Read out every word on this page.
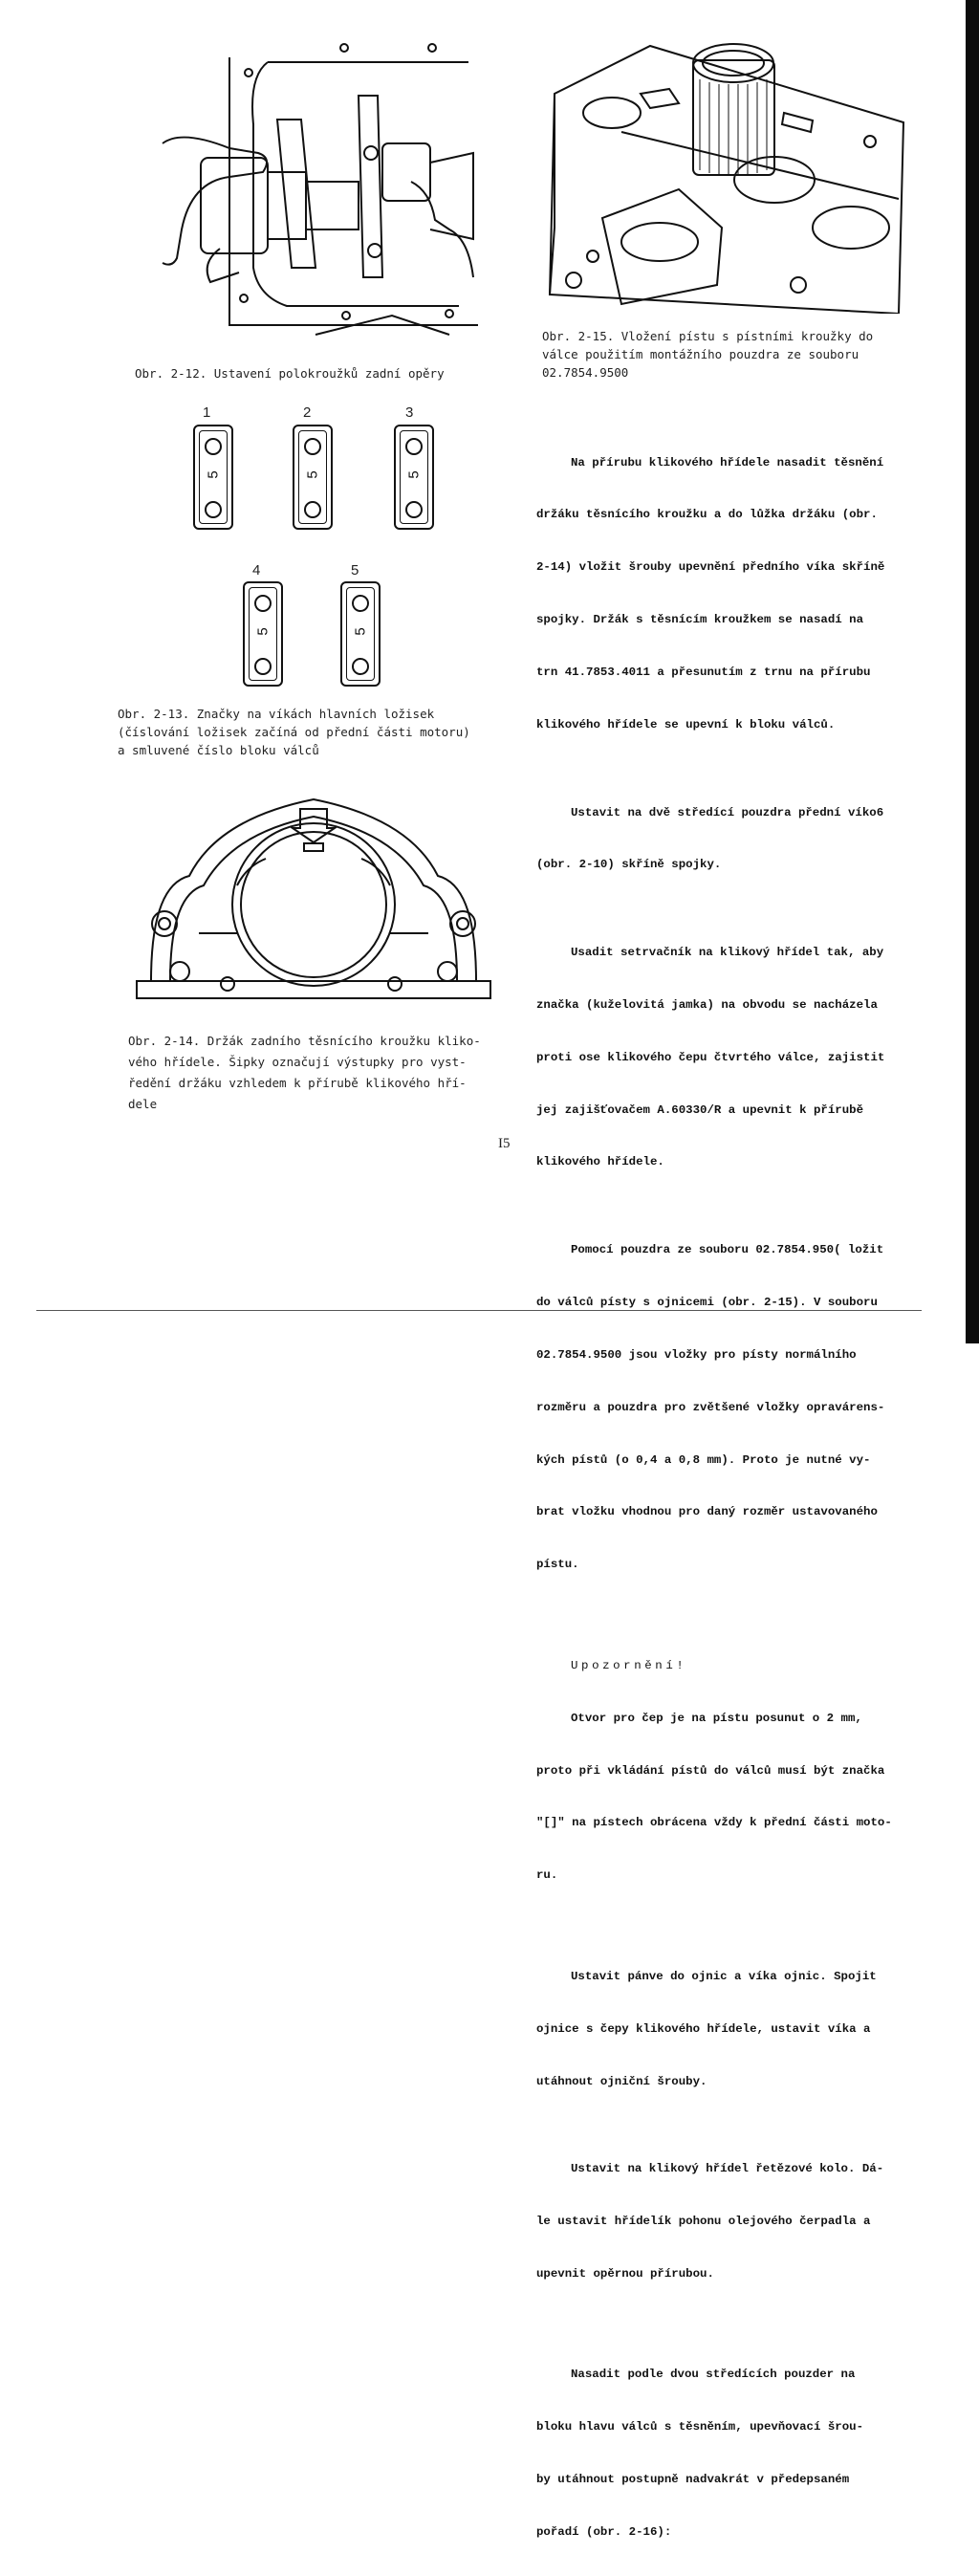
Obr. 2-12. Ustavení polokroužků zadní opěry
Obr. 2-15. Vložení pístu s pístními kroužky do
válce použitím montážního pouzdra ze souboru
02.7854.9500
1	2	3
4	5
5	5	5
5	5
Obr. 2-13. Značky na víkách hlavních ložisek
(číslování ložisek začíná od přední části motoru)
a smluvené číslo bloku válců
Obr. 2-14. Držák zadního těsnícího kroužku kliko-
vého hřídele. Šipky označují výstupky pro vyst-
ředění držáku vzhledem k přírubě klikového hří-
dele

Na přírubu klikového hřídele nasadit těsnění

držáku těsnícího kroužku a do lůžka držáku (obr.

2-14) vložit šrouby upevnění předního víka skříně

spojky. Držák s těsnícím kroužkem se nasadí na

trn 41.7853.4011 a přesunutím z trnu na přírubu

klikového hřídele se upevní k bloku válců.

Ustavit na dvě středící pouzdra přední víko6

(obr. 2-10) skříně spojky.

Usadit setrvačník na klikový hřídel tak, aby

značka (kuželovitá jamka) na obvodu se nacházela

proti ose klikového čepu čtvrtého válce, zajistit

jej zajišťovačem A.60330/R a upevnit k přírubě

klikového hřídele.

Pomocí pouzdra ze souboru 02.7854.950( ložit

do válců písty s ojnicemi (obr. 2-15). V souboru

02.7854.9500 jsou vložky pro písty normálního

rozměru a pouzdra pro zvětšené vložky opravárens-

kých pístů (o 0,4 a 0,8 mm). Proto je nutné vy-

brat vložku vhodnou pro daný rozměr ustavovaného

pístu.

Upozornění!

Otvor pro čep je na pístu posunut o 2 mm,

proto při vkládání pístů do válců musí být značka

"[]" na pístech obrácena vždy k přední části moto-

ru.

Ustavit pánve do ojnic a víka ojnic. Spojit

ojnice s čepy klikového hřídele, ustavit víka a

utáhnout ojniční šrouby.

Ustavit na klikový hřídel řetězové kolo. Dá-

le ustavit hřídelík pohonu olejového čerpadla a

upevnit opěrnou přírubou.

Nasadit podle dvou středících pouzder na

bloku hlavu válců s těsněním, upevňovací šrou-

by utáhnout postupně nadvakrát v předepsaném

pořadí (obr. 2-16):

I5
